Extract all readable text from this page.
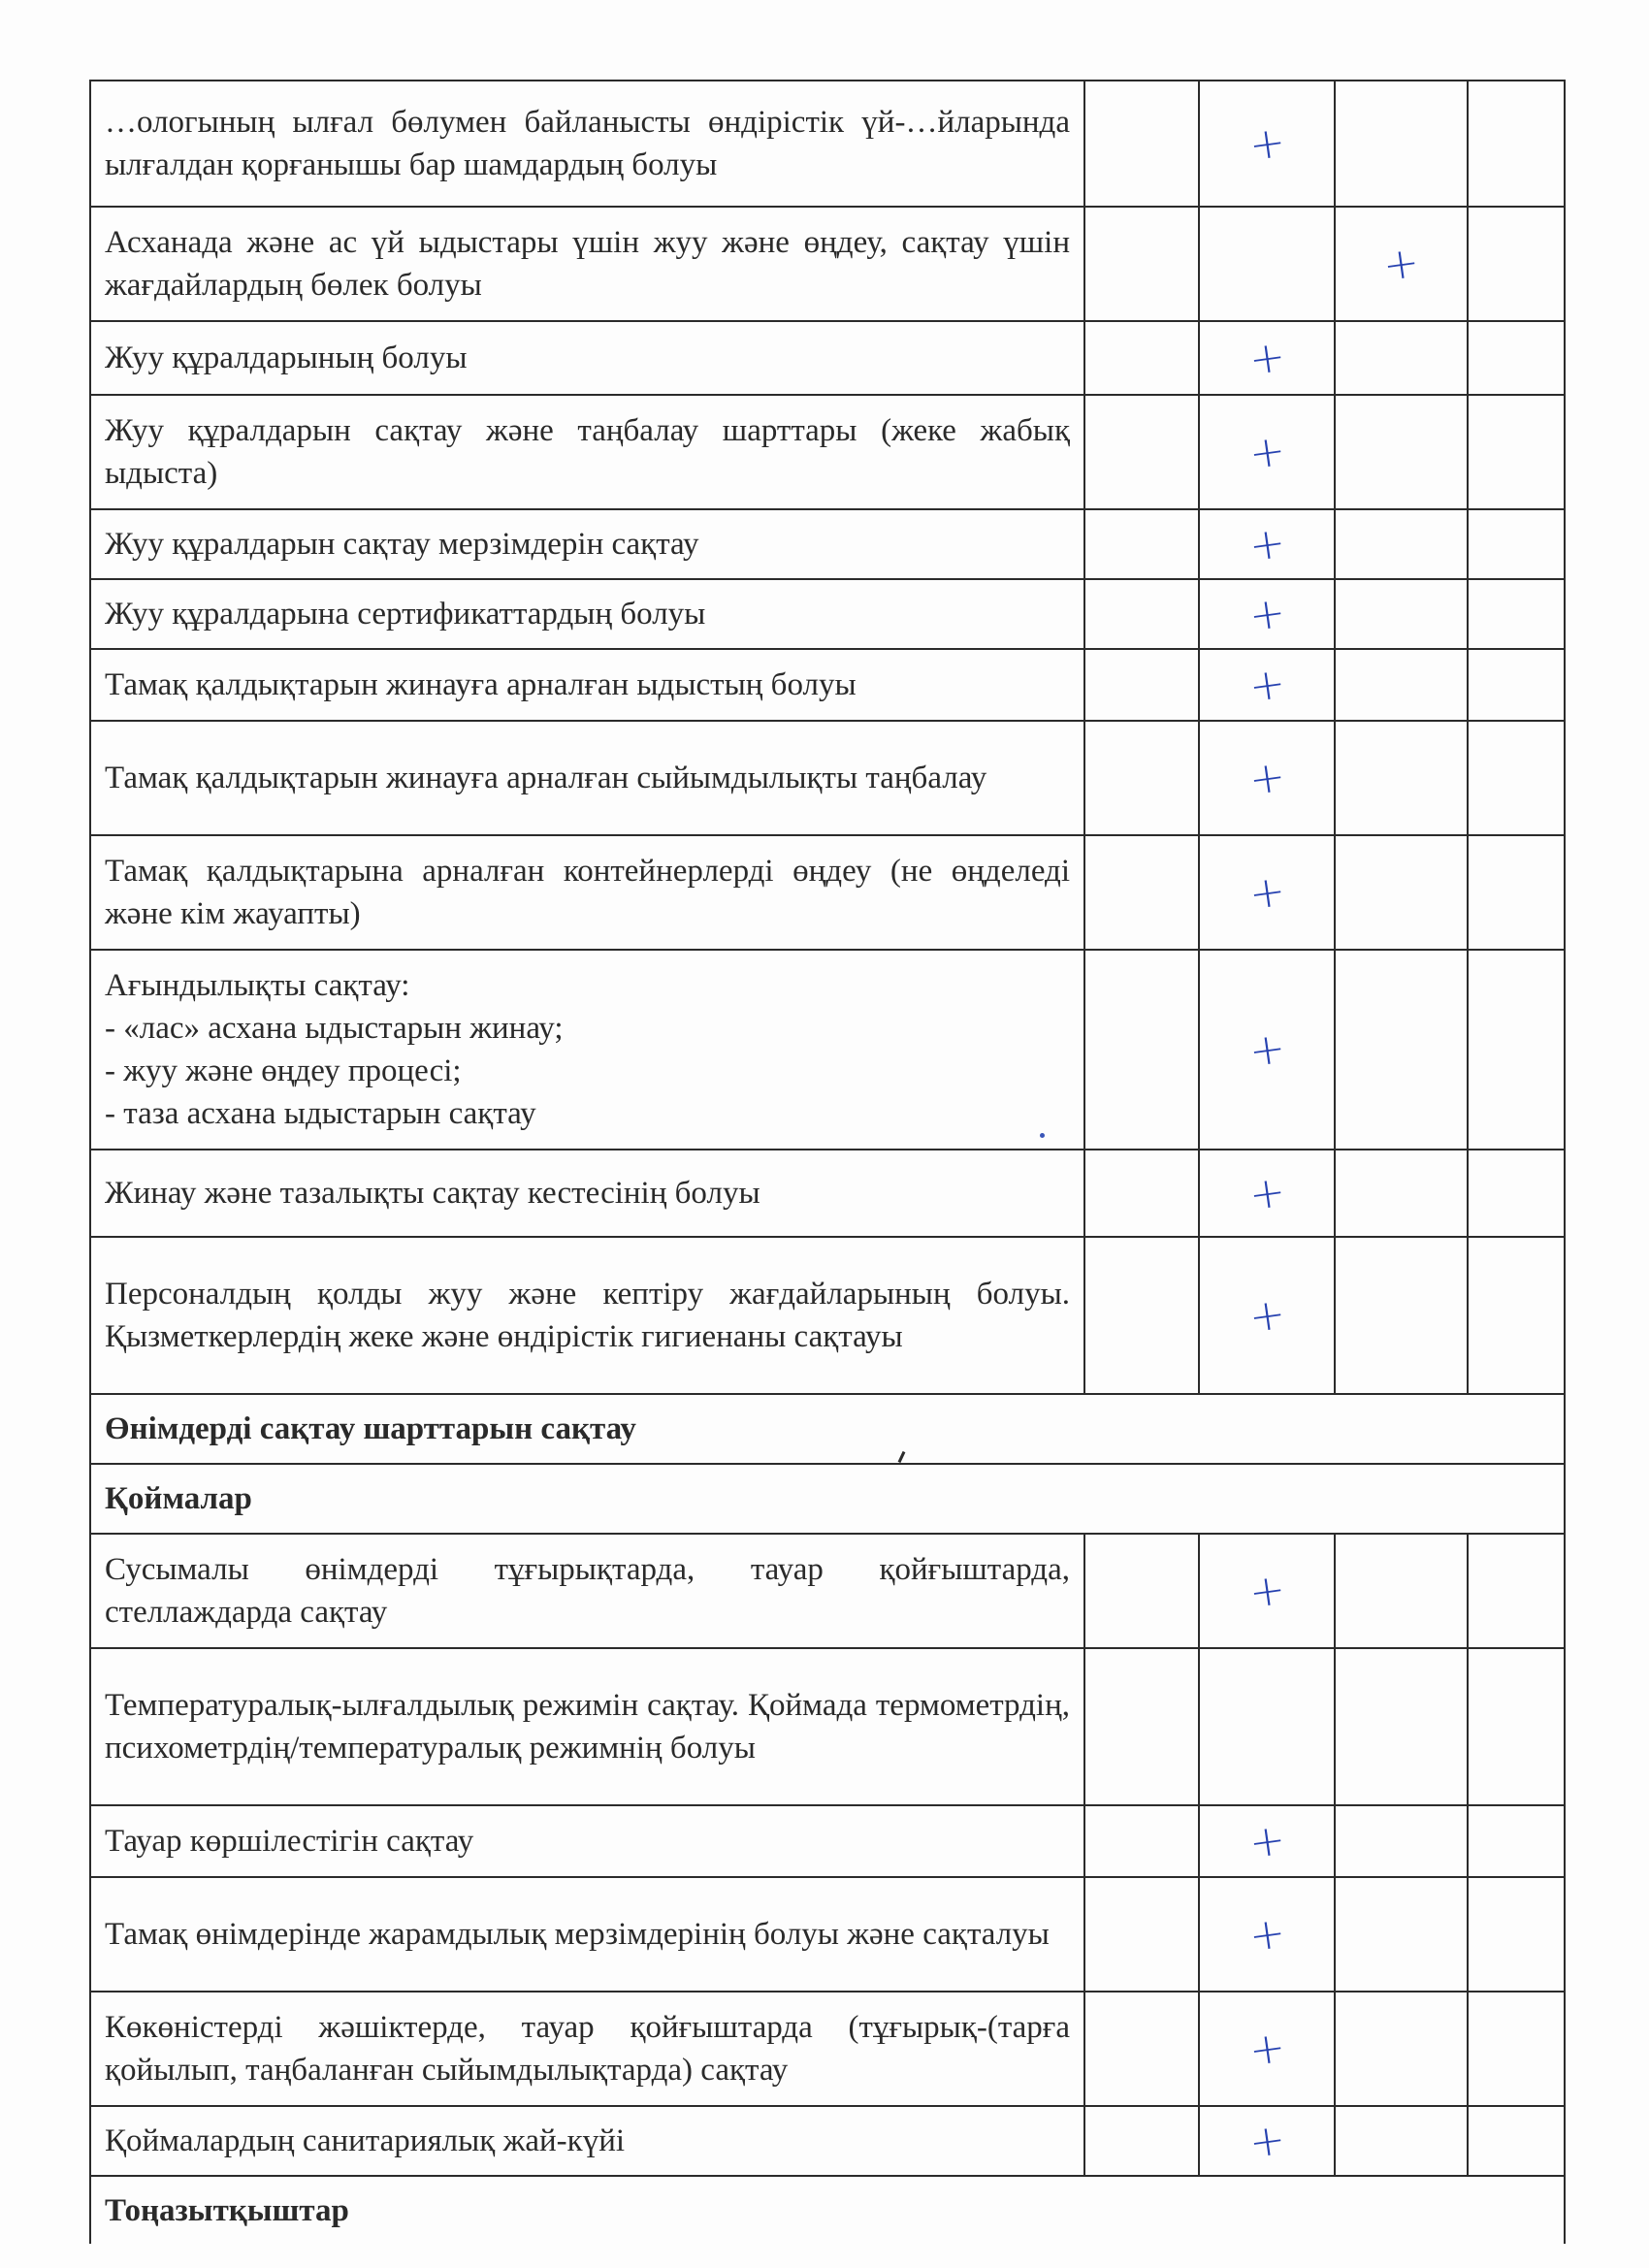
…ологының ылғал бөлумен байланысты өндірістік үй-…йларында ылғалдан қорғанышы бар шамдардың болуы		+		
Асханада және ас үй ыдыстары үшін жуу және өңдеу, сақтау үшін жағдайлардың бөлек болуы			+	
Жуу құралдарының болуы		+		
Жуу құралдарын сақтау және таңбалау шарттары (жеке жабық ыдыста)		+		
Жуу құралдарын сақтау мерзімдерін сақтау		+		
Жуу құралдарына сертификаттардың болуы		+		
Тамақ қалдықтарын жинауға арналған ыдыстың болуы		+		
Тамақ қалдықтарын жинауға арналған сыйымдылықты таңбалау		+		
Тамақ қалдықтарына арналған контейнерлерді өңдеу (не өңделеді және кім жауапты)		+		
Ағындылықты сақтау:
- «лас» асхана ыдыстарын жинау;
- жуу және өңдеу процесі;
- таза асхана ыдыстарын сақтау		+		
Жинау және тазалықты сақтау кестесінің болуы		+		
Персоналдың қолды жуу және кептіру жағдайларының болуы. Қызметкерлердің жеке және өндірістік гигиенаны сақтауы		+		
Өнімдерді сақтау шарттарын сақтау				
Қоймалар				
Сусымалы өнімдерді тұғырықтарда, тауар қойғыштарда, стеллаждарда сақтау		+		
Температуралық-ылғалдылық режимін сақтау. Қоймада термометрдің, психометрдің/температуралық режимнің болуы				
Тауар көршілестігін сақтау		+		
Тамақ өнімдерінде жарамдылық мерзімдерінің болуы және сақталуы		+		
Көкөністерді жәшіктерде, тауар қойғыштарда (тұғырық-(тарға қойылып, таңбаланған сыйымдылықтарда) сақтау		+		
Қоймалардың санитариялық жай-күйі		+		
Тоңазытқыштар				
